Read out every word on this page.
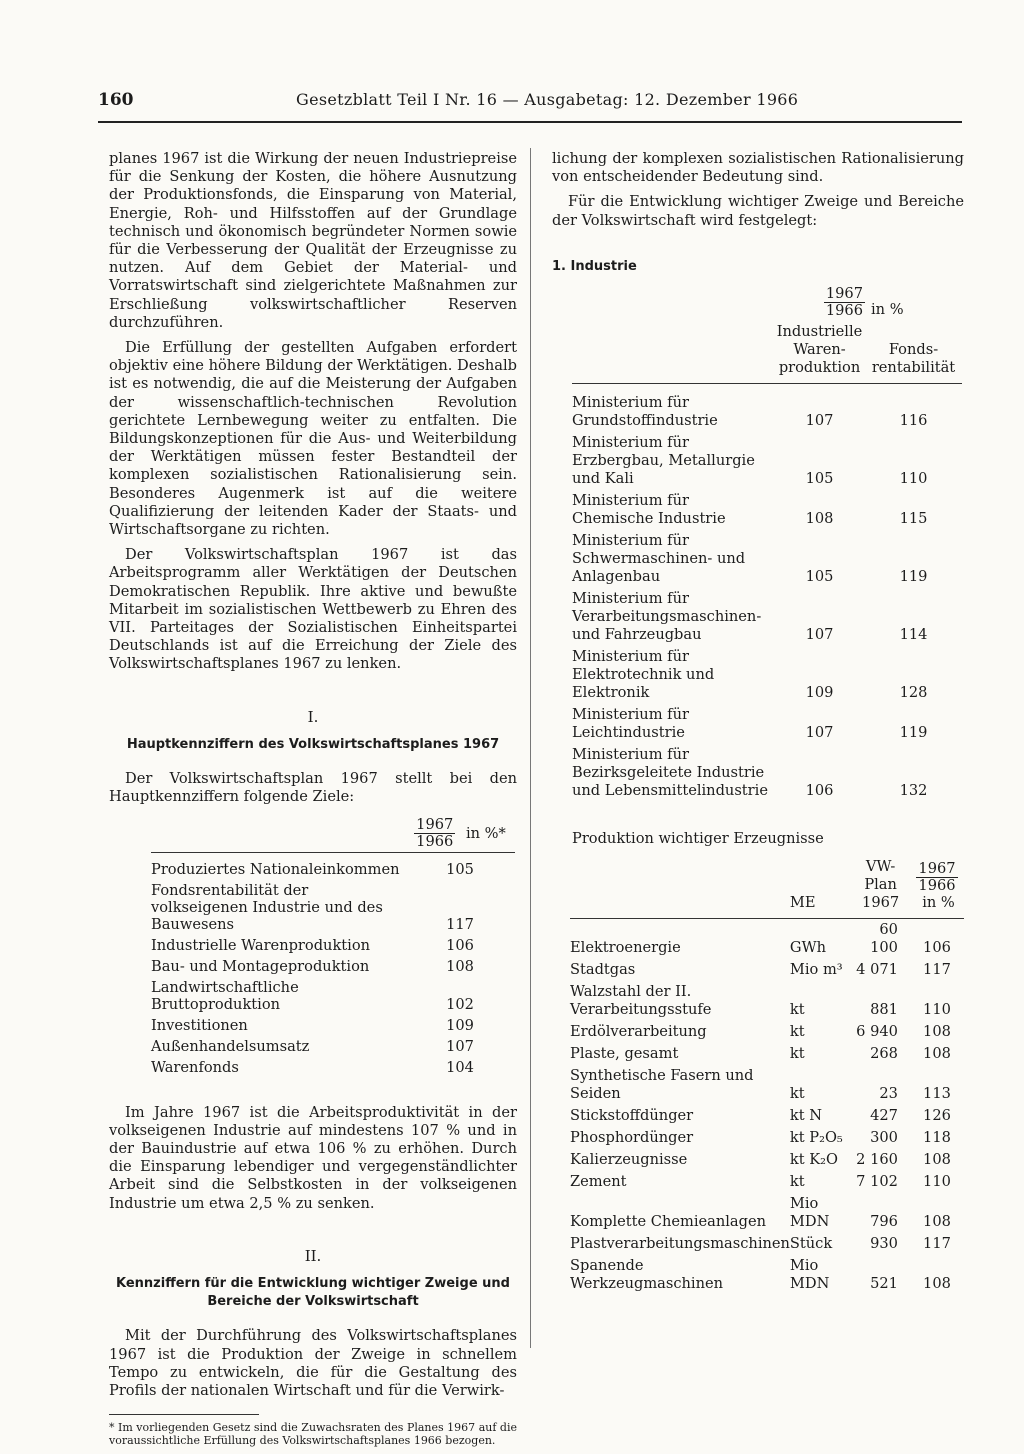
160	Gesetzblatt Teil I Nr. 16 — Ausgabetag: 12. Dezember 1966

planes 1967 ist die Wirkung der neuen Industriepreise für die Senkung der Kosten, die höhere Ausnutzung der Produktionsfonds, die Einsparung von Material, Energie, Roh- und Hilfsstoffen auf der Grundlage technisch und ökonomisch begründeter Normen sowie für die Verbesserung der Qualität der Erzeugnisse zu nutzen. Auf dem Gebiet der Material- und Vorratswirtschaft sind zielgerichtete Maßnahmen zur Erschließung volkswirtschaftlicher Reserven durchzuführen.

Die Erfüllung der gestellten Aufgaben erfordert objektiv eine höhere Bildung der Werktätigen. Deshalb ist es notwendig, die auf die Meisterung der Aufgaben der wissenschaftlich-technischen Revolution gerichtete Lernbewegung weiter zu entfalten. Die Bildungskonzeptionen für die Aus- und Weiterbildung der Werktätigen müssen fester Bestandteil der komplexen sozialistischen Rationalisierung sein. Besonderes Augenmerk ist auf die weitere Qualifizierung der leitenden Kader der Staats- und Wirtschaftsorgane zu richten.

Der Volkswirtschaftsplan 1967 ist das Arbeitsprogramm aller Werktätigen der Deutschen Demokratischen Republik. Ihre aktive und bewußte Mitarbeit im sozialistischen Wettbewerb zu Ehren des VII. Parteitages der Sozialistischen Einheitspartei Deutschlands ist auf die Erreichung der Ziele des Volkswirtschaftsplanes 1967 zu lenken.

I.
Hauptkennziffern des Volkswirtschaftsplanes 1967

Der Volkswirtschaftsplan 1967 stellt bei den Hauptkennziffern folgende Ziele:

	$\frac{1967}{1966}$ in %*
Produziertes Nationaleinkommen	105
Fondsrentabilität der volkseigenen Industrie und des Bauwesens	117
Industrielle Warenproduktion	106
Bau- und Montageproduktion	108
Landwirtschaftliche Bruttoproduktion	102
Investitionen	109
Außenhandelsumsatz	107
Warenfonds	104

Im Jahre 1967 ist die Arbeitsproduktivität in der volkseigenen Industrie auf mindestens 107 % und in der Bauindustrie auf etwa 106 % zu erhöhen. Durch die Einsparung lebendiger und vergegenständlichter Arbeit sind die Selbstkosten in der volkseigenen Industrie um etwa 2,5 % zu senken.

II.
Kennziffern für die Entwicklung wichtiger Zweige und Bereiche der Volkswirtschaft

Mit der Durchführung des Volkswirtschaftsplanes 1967 ist die Produktion der Zweige in schnellem Tempo zu entwickeln, die für die Gestaltung des Profils der nationalen Wirtschaft und für die Verwirk-

* Im vorliegenden Gesetz sind die Zuwachsraten des Planes 1967 auf die voraussichtliche Erfüllung des Volkswirtschaftsplanes 1966 bezogen.

lichung der komplexen sozialistischen Rationalisierung von entscheidender Bedeutung sind.

Für die Entwicklung wichtiger Zweige und Bereiche der Volkswirtschaft wird festgelegt:

1. Industrie

	$\frac{1967}{1966}$	in %
	Industrielle Waren- produktion	Fonds- rentabilität
Ministerium für Grundstoffindustrie	107	116
Ministerium für Erzbergbau, Metallurgie und Kali	105	110
Ministerium für Chemische Industrie	108	115
Ministerium für Schwermaschinen- und Anlagenbau	105	119
Ministerium für Verarbeitungsmaschinen- und Fahrzeugbau	107	114
Ministerium für Elektrotechnik und Elektronik	109	128
Ministerium für Leichtindustrie	107	119
Ministerium für Bezirksgeleitete Industrie und Lebensmittelindustrie	106	132
Produktion wichtiger Erzeugnisse
	ME	VW-Plan 1967	$\frac{1967}{1966}$
in %
Elektroenergie	GWh	60 100	106
Stadtgas	Mio m³	4 071	117
Walzstahl der II. Verarbeitungsstufe	kt	881	110
Erdölverarbeitung	kt	6 940	108
Plaste, gesamt	kt	268	108
Synthetische Fasern und Seiden	kt	23	113
Stickstoffdünger	kt N	427	126
Phosphordünger	kt P₂O₅	300	118
Kalierzeugnisse	kt K₂O	2 160	108
Zement	kt	7 102	110
Komplette Chemieanlagen	Mio MDN	796	108
Plastverarbeitungsmaschinen	Stück	930	117
Spanende Werkzeugmaschinen	Mio MDN	521	108
